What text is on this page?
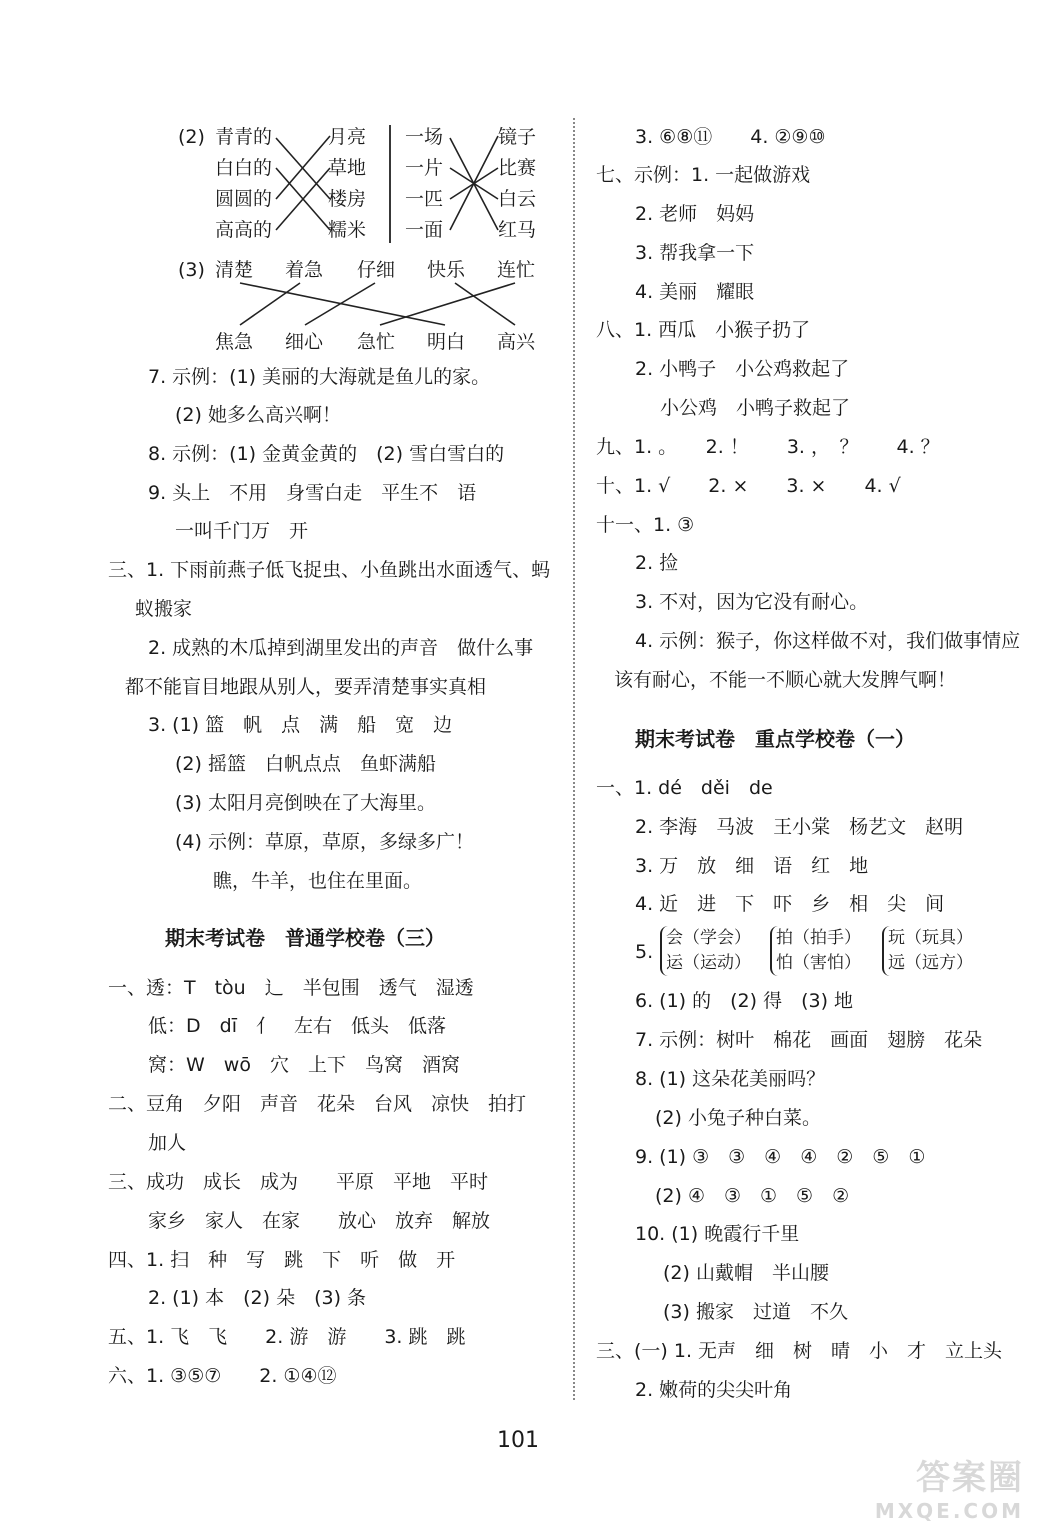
(2) 青青的
白白的
圆圆的
高高的
月亮
草地
楼房
糯米
一场
一片
一匹
一面
镜子
比赛
白云
红马
(3) 清楚 着急 仔细 快乐 连忙
焦急 细心 急忙 明白 高兴
7. 示例：(1) 美丽的大海就是鱼儿的家。
(2) 她多么高兴啊！
8. 示例：(1) 金黄金黄的　(2) 雪白雪白的
9. 头上　不用　身雪白走　平生不　语
一叫千门万　开
三、1. 下雨前燕子低飞捉虫、小鱼跳出水面透气、蚂
蚁搬家
2. 成熟的木瓜掉到湖里发出的声音　做什么事
都不能盲目地跟从别人，要弄清楚事实真相
3. (1) 篮　帆　点　满　船　宽　边
(2) 摇篮　白帆点点　鱼虾满船
(3) 太阳月亮倒映在了大海里。
(4) 示例：草原，草原，多绿多广！
瞧，牛羊，也住在里面。
期末考试卷　普通学校卷（三）
一、透：T　tòu　辶　半包围　透气　湿透
低：D　dī　亻　左右　低头　低落
窝：W　wō　穴　上下　鸟窝　酒窝
二、豆角　夕阳　声音　花朵　台风　凉快　拍打
加人
三、成功　成长　成为　　平原　平地　平时
家乡　家人　在家　　放心　放弃　解放
四、1. 扫　种　写　跳　下　听　做　开
2. (1) 本　(2) 朵　(3) 条
五、1. 飞　飞　　2. 游　游　　3. 跳　跳
六、1. ③⑤⑦　　2. ①④⑫
3. ⑥⑧⑪　　4. ②⑨⑩
七、示例：1. 一起做游戏
2. 老师　妈妈
3. 帮我拿一下
4. 美丽　耀眼
八、1. 西瓜　小猴子扔了
2. 小鸭子　小公鸡救起了
小公鸡　小鸭子救起了
九、1. 。　　2. ！　　3. ，　？　　4. ？
十、1. √　　2. ×　　3. ×　　4. √
十一、1. ③
2. 捡
3. 不对，因为它没有耐心。
4. 示例：猴子，你这样做不对，我们做事情应
该有耐心，不能一不顺心就大发脾气啊！
期末考试卷　重点学校卷（一）
一、1. dé　děi　de
2. 李海　马波　王小棠　杨艺文　赵明
3. 万　放　细　语　红　地
4. 近　进　下　吓　乡　相　尖　间
5.
会（学会）
运（运动）
拍（拍手）
怕（害怕）
玩（玩具）
远（远方）
6. (1) 的　(2) 得　(3) 地
7. 示例：树叶　棉花　画面　翅膀　花朵
8. (1) 这朵花美丽吗？
(2) 小兔子种白菜。
9. (1) ③　③　④　④　②　⑤　①
(2) ④　③　①　⑤　②
10. (1) 晚霞行千里
(2) 山戴帽　半山腰
(3) 搬家　过道　不久
三、(一) 1. 无声　细　树　晴　小　才　立上头
2. 嫩荷的尖尖叶角
101
答案圈
MXQE.COM
